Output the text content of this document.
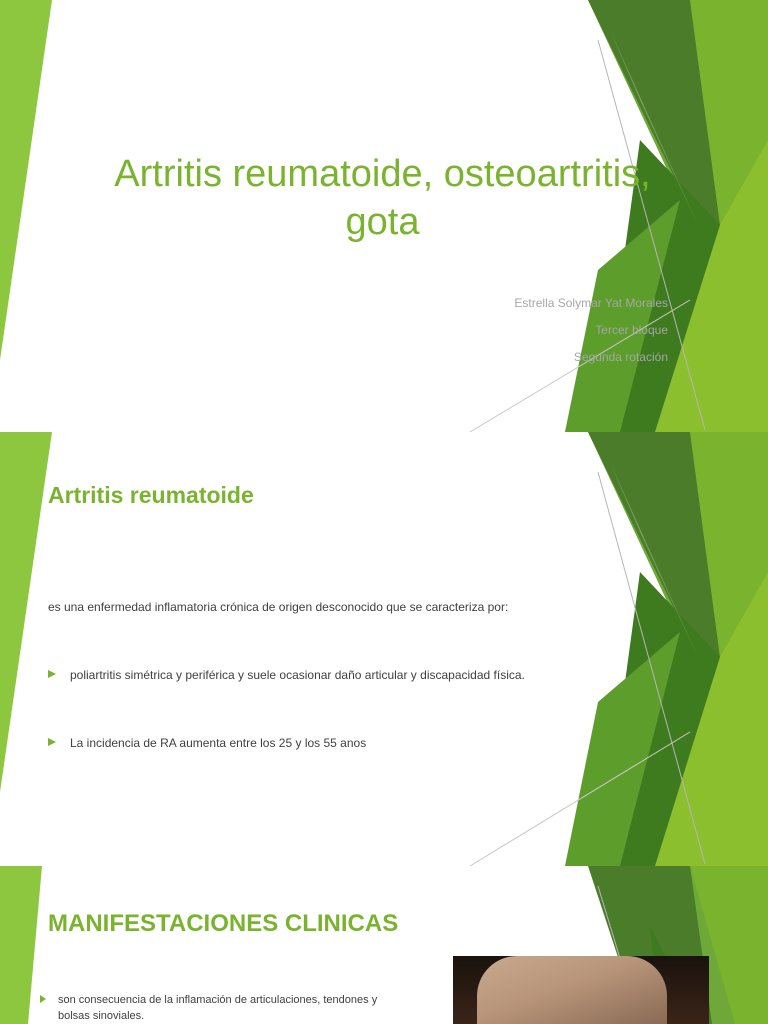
Artritis reumatoide, osteoartritis, gota
Estrella Solymar Yat Morales
Tercer bloque
Segunda rotación
Artritis reumatoide

es una enfermedad inflamatoria crónica de origen desconocido que se caracteriza por:

poliartritis simétrica y periférica y suele ocasionar daño articular y discapacidad física.

La incidencia de RA aumenta entre los 25 y los 55 anos

MANIFESTACIONES CLINICAS

son consecuencia de la inflamación de articulaciones, tendones y bolsas sinoviales.
